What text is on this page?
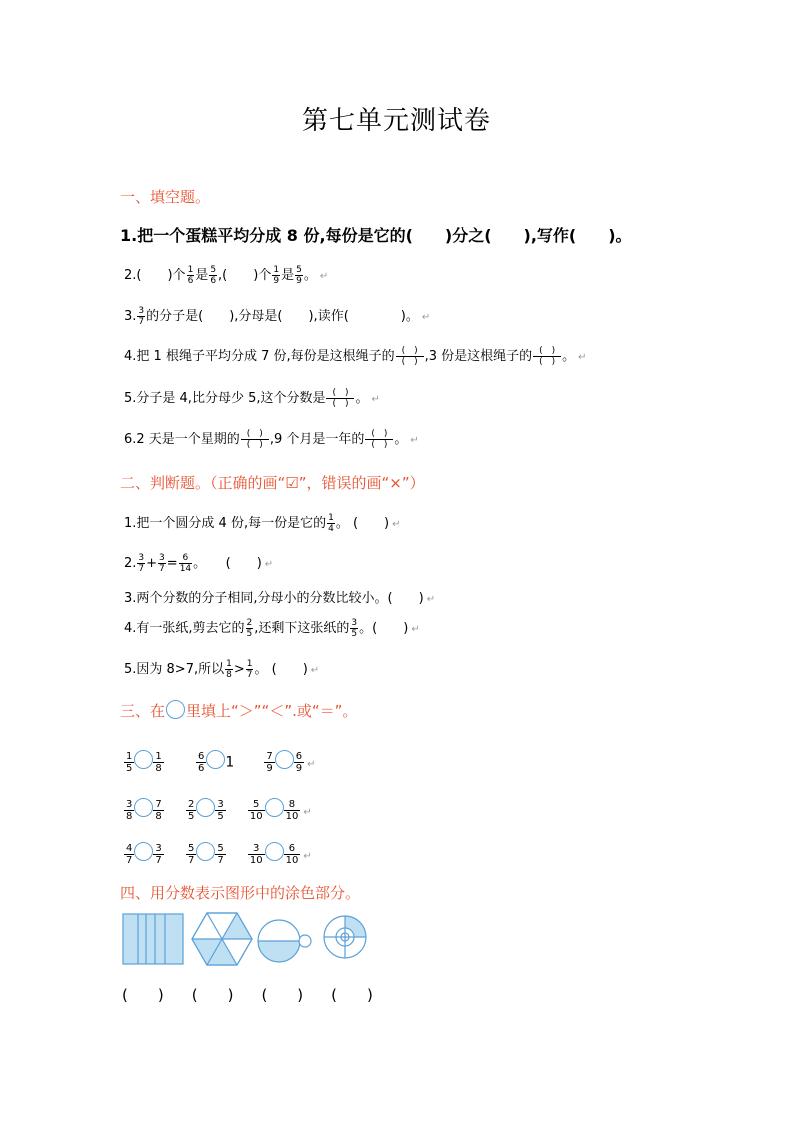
第七单元测试卷
一、填空题。
1.把一个蛋糕平均分成 8 份,每份是它的(　　)分之(　　),写作(　　)。
2.(　　)个 $\frac{1}{6}$ 是 $\frac{5}{6}$ ,(　　)个 $\frac{1}{9}$ 是 $\frac{5}{9}$ 。 ↵
3. $\frac{3}{7}$ 的分子是(　　),分母是(　　),读作(　　　　)。 ↵
4.把 1 根绳子平均分成 7 份,每份是这根绳子的 (　)
(　) ,3 份是这根绳子的 (　)
(　) 。 ↵
5.分子是 4,比分母少 5,这个分数是 (　)
(　) 。 ↵
6.2 天是一个星期的 (　)
(　) ,9 个月是一年的 (　)
(　) 。 ↵
二、判断题。（正确的画“☑”，错误的画“×”）
1.把一个圆分成 4 份,每一份是它的 $\frac{1}{4}$ 。 (　　) ↵
2. $\frac{3}{7} + \frac{3}{7} = \frac{6}{14}$ 。　　(　　) ↵
3.两个分数的分子相同,分母小的分数比较小。(　　) ↵
4.有一张纸,剪去它的 $\frac{2}{5}$ ,还剩下这张纸的 $\frac{3}{5}$ 。(　　) ↵
5.因为 8>7,所以 $\frac{1}{8} > \frac{1}{7}$ 。 (　　) ↵
三、在 里填上“＞”“＜”.或“＝”。
$\frac{1}{5} \frac{1}{8}$
	$\frac{6}{6} 1$	$\frac{7}{9} \frac{6}{9}$ ↵
$\frac{3}{8} \frac{7}{8}$
$\frac{2}{5} \frac{3}{5}$
$\frac{5}{10} \frac{8}{10}$ ↵
$\frac{4}{7} \frac{3}{7}$
$\frac{5}{7} \frac{5}{7}$
$\frac{3}{10} \frac{6}{10}$ ↵
四、用分数表示图形中的涂色部分。
(　　) (　　) (　　) (　　)
